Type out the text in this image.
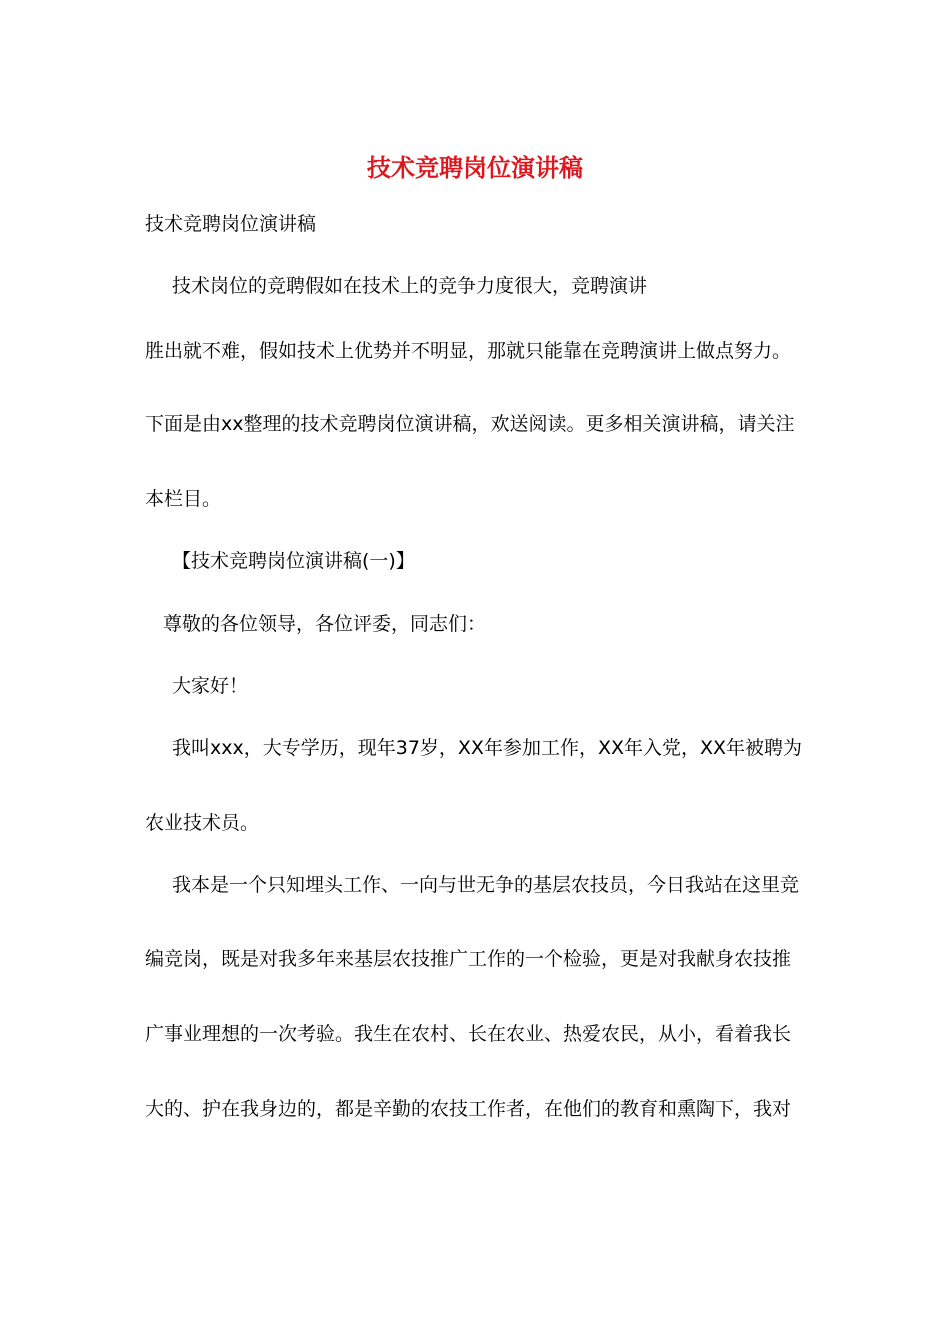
技术竞聘岗位演讲稿
技术竞聘岗位演讲稿
技术岗位的竞聘假如在技术上的竞争力度很大，竞聘演讲
胜出就不难，假如技术上优势并不明显，那就只能靠在竞聘演讲上做点努力。
下面是由xx整理的技术竞聘岗位演讲稿，欢送阅读。更多相关演讲稿，请关注
本栏目。
【技术竞聘岗位演讲稿(一)】
尊敬的各位领导，各位评委，同志们：
大家好！
我叫xxx，大专学历，现年37岁，XX年参加工作，XX年入党，XX年被聘为
农业技术员。
我本是一个只知埋头工作、一向与世无争的基层农技员，今日我站在这里竞
编竞岗，既是对我多年来基层农技推广工作的一个检验，更是对我献身农技推
广事业理想的一次考验。我生在农村、长在农业、热爱农民，从小，看着我长
大的、护在我身边的，都是辛勤的农技工作者，在他们的教育和熏陶下，我对
